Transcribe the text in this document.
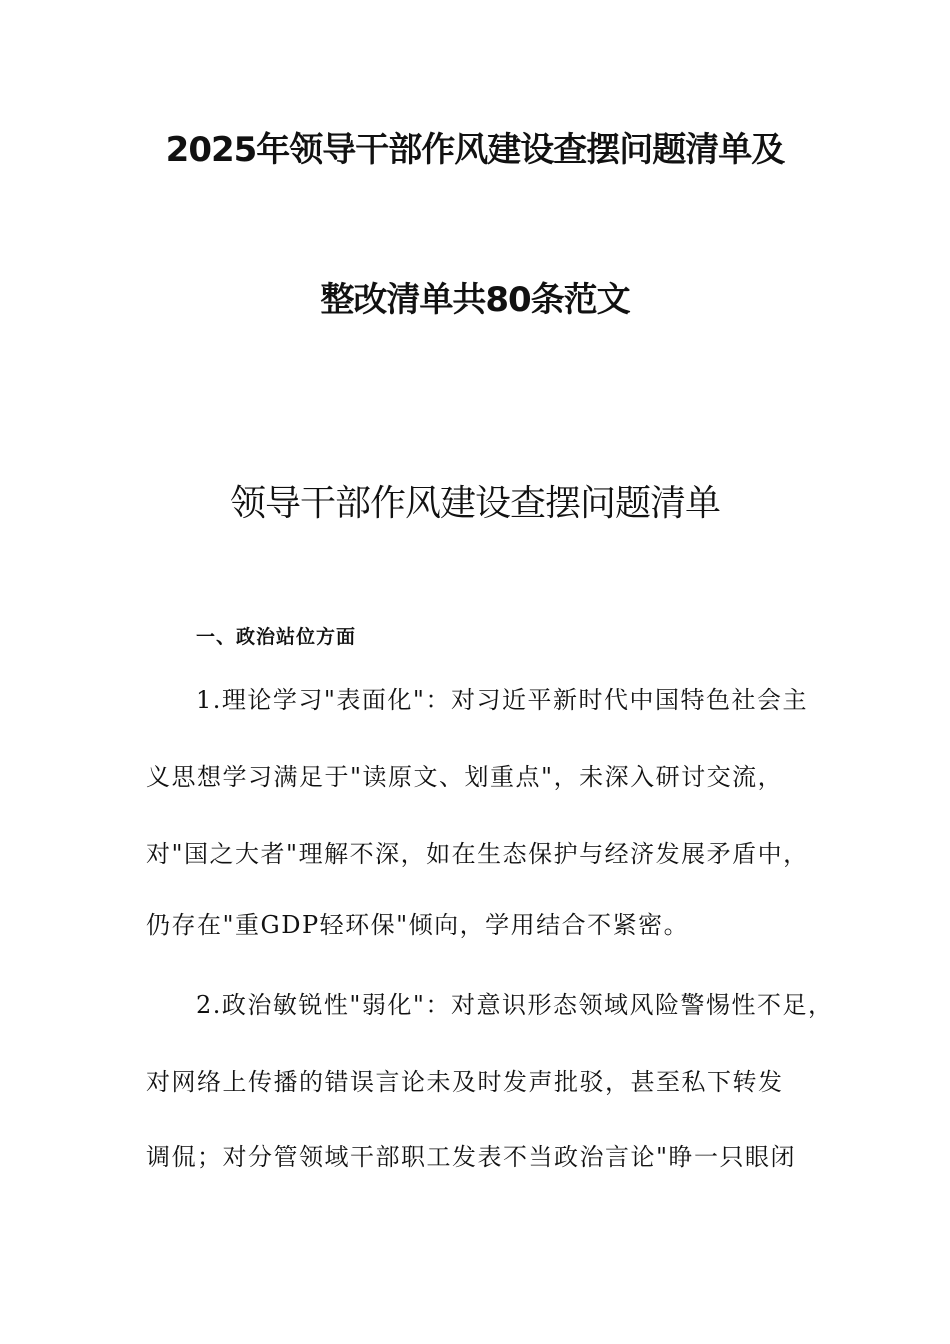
2025年领导干部作风建设查摆问题清单及
整改清单共80条范文
领导干部作风建设查摆问题清单
一、政治站位方面
1.理论学习"表面化"：对习近平新时代中国特色社会主
义思想学习满足于"读原文、划重点"，未深入研讨交流，
对"国之大者"理解不深，如在生态保护与经济发展矛盾中，
仍存在"重GDP轻环保"倾向，学用结合不紧密。
2.政治敏锐性"弱化"：对意识形态领域风险警惕性不足，
对网络上传播的错误言论未及时发声批驳，甚至私下转发
调侃；对分管领域干部职工发表不当政治言论"睁一只眼闭
